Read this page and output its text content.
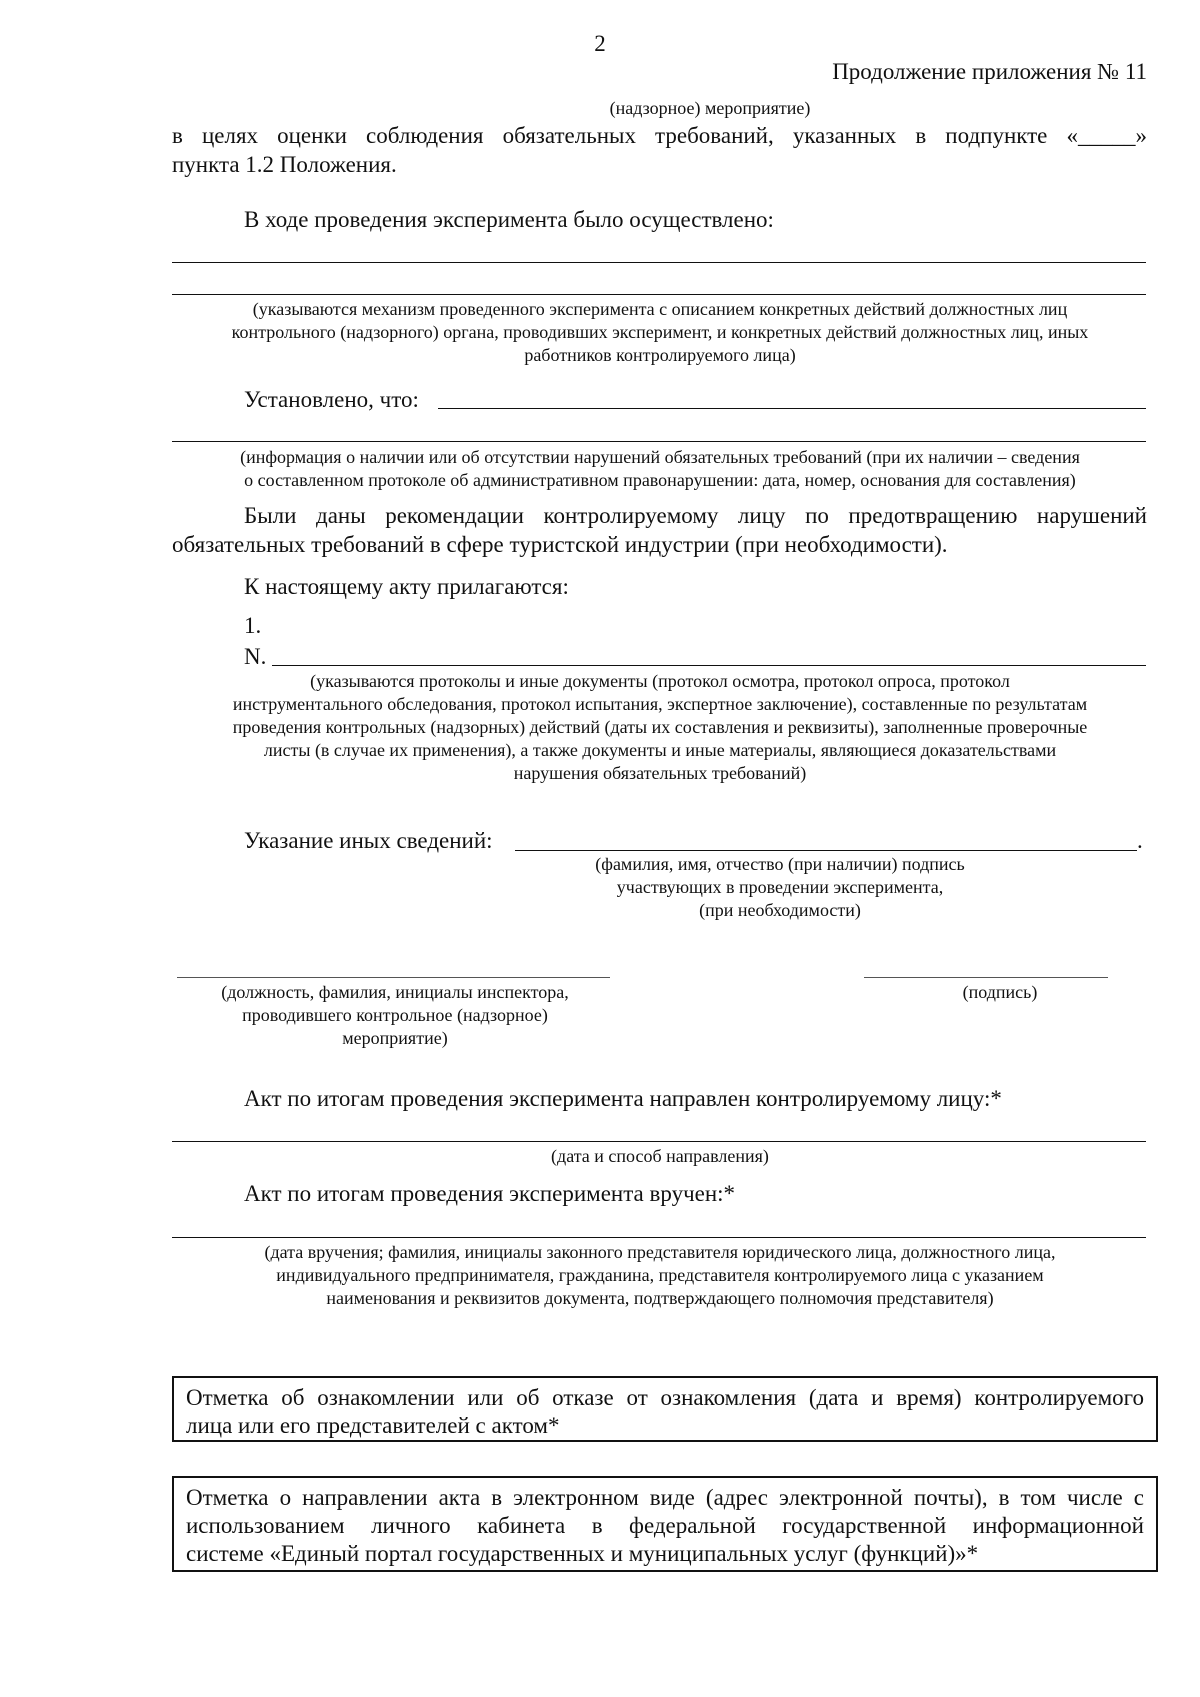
2
Продолжение приложения № 11
(надзорное) мероприятие)
в целях оценки соблюдения обязательных требований, указанных в подпункте «_____»
пункта 1.2 Положения.
В ходе проведения эксперимента было осуществлено:
(указываются механизм проведенного эксперимента с описанием конкретных действий должностных лиц
контрольного (надзорного) органа, проводивших эксперимент, и конкретных действий должностных лиц, иных
работников контролируемого лица)
Установлено, что:
(информация о наличии или об отсутствии нарушений обязательных требований (при их наличии – сведения
о составленном протоколе об административном правонарушении: дата, номер, основания для составления)
Были даны рекомендации контролируемому лицу по предотвращению нарушений
обязательных требований в сфере туристской индустрии (при необходимости).
К настоящему акту прилагаются:
1.
N.
(указываются протоколы и иные документы (протокол осмотра, протокол опроса, протокол
инструментального обследования, протокол испытания, экспертное заключение), составленные по результатам
проведения контрольных (надзорных) действий (даты их составления и реквизиты), заполненные проверочные
листы (в случае их применения), а также документы и иные материалы, являющиеся доказательствами
нарушения обязательных требований)
Указание иных сведений:	.
(фамилия, имя, отчество (при наличии) подпись
участвующих в проведении эксперимента,
(при необходимости)
(должность, фамилия, инициалы инспектора,
проводившего контрольное (надзорное)
мероприятие)
(подпись)
Акт по итогам проведения эксперимента направлен контролируемому лицу:*
(дата и способ направления)
Акт по итогам проведения эксперимента вручен:*
(дата вручения; фамилия, инициалы законного представителя юридического лица, должностного лица,
индивидуального предпринимателя, гражданина, представителя контролируемого лица с указанием
наименования и реквизитов документа, подтверждающего полномочия представителя)

Отметка об ознакомлении или об отказе от ознакомления (дата и время) контролируемого

лица или его представителей с актом*

Отметка о направлении акта в электронном виде (адрес электронной почты), в том числе с

использованием личного кабинета в федеральной государственной информационной

системе «Единый портал государственных и муниципальных услуг (функций)»*
